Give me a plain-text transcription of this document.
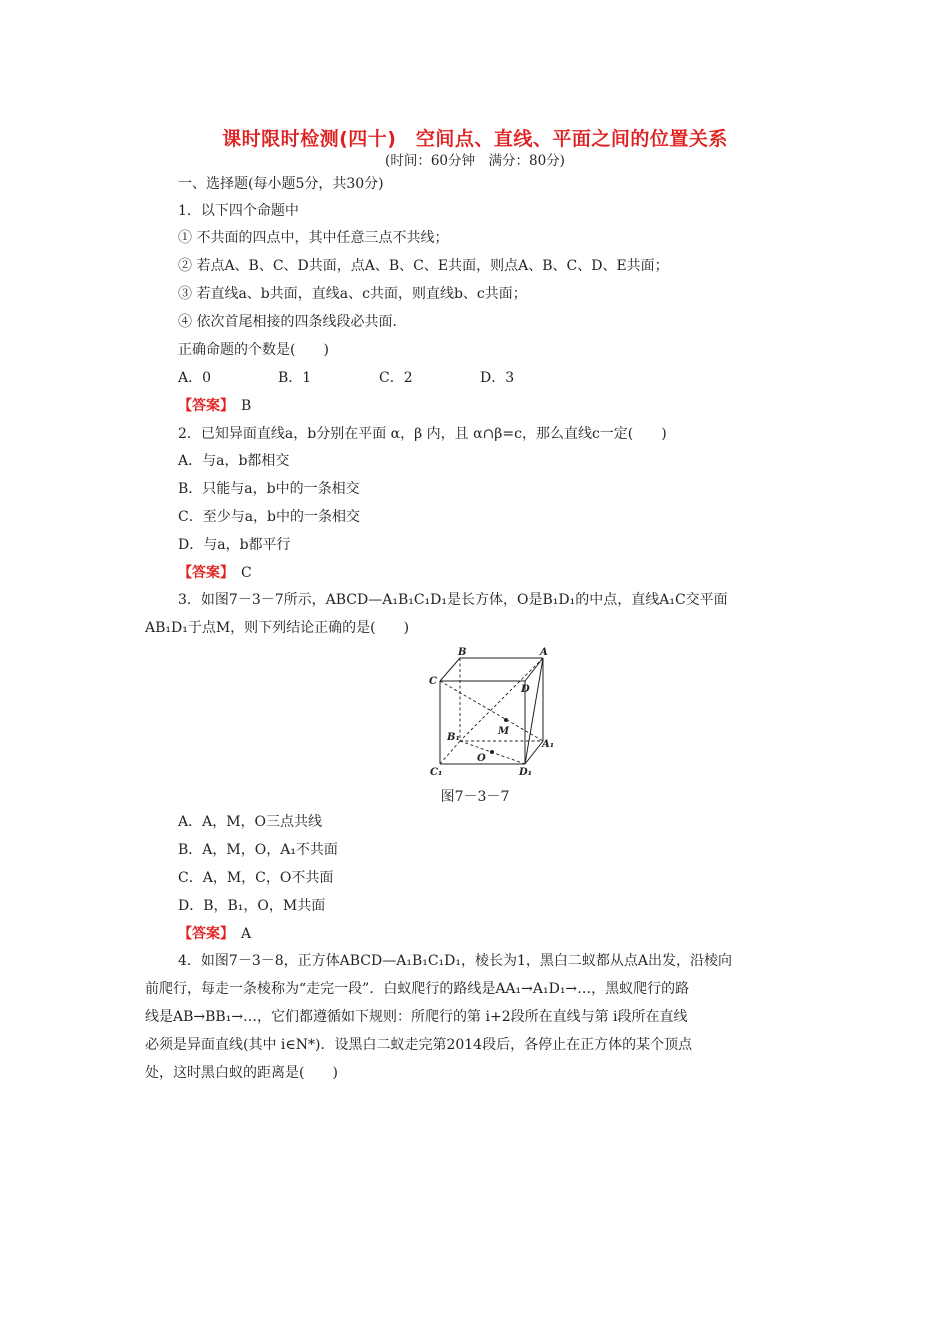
课时限时检测(四十)　空间点、直线、平面之间的位置关系
(时间：60分钟　满分：80分)
一、选择题(每小题5分，共30分)
1．以下四个命题中
① 不共面的四点中，其中任意三点不共线；
② 若点A、B、C、D共面，点A、B、C、E共面，则点A、B、C、D、E共面；
③ 若直线a、b共面，直线a、c共面，则直线b、c共面；
④ 依次首尾相接的四条线段必共面．
正确命题的个数是(　　)
A．0	B．1	C．2	D．3
【答案】　 B
2．已知异面直线a，b分别在平面 α，β 内，且 α∩β=c，那么直线c一定(　　)
A．与a，b都相交
B．只能与a，b中的一条相交
C．至少与a，b中的一条相交
D．与a，b都平行
【答案】　 C
3．如图7－3－7所示，ABCD—A₁B₁C₁D₁是长方体，O是B₁D₁的中点，直线A₁C交平面
AB₁D₁于点M，则下列结论正确的是(　　)
B	A
C
D
M
B₁
A₁
O
C₁	D₁
图7－3－7
A．A，M，O三点共线
B．A，M，O，A₁不共面
C．A，M，C，O不共面
D．B，B₁，O，M共面
【答案】　 A
4．如图7－3－8，正方体ABCD—A₁B₁C₁D₁，棱长为1，黑白二蚁都从点A出发，沿棱向
前爬行，每走一条棱称为“走完一段”．白蚁爬行的路线是AA₁→A₁D₁→…，黑蚁爬行的路
线是AB→BB₁→…，它们都遵循如下规则：所爬行的第 i+2段所在直线与第 i段所在直线
必须是异面直线(其中 i∈N*)．设黑白二蚁走完第2014段后，各停止在正方体的某个顶点
处，这时黑白蚁的距离是(　　)
